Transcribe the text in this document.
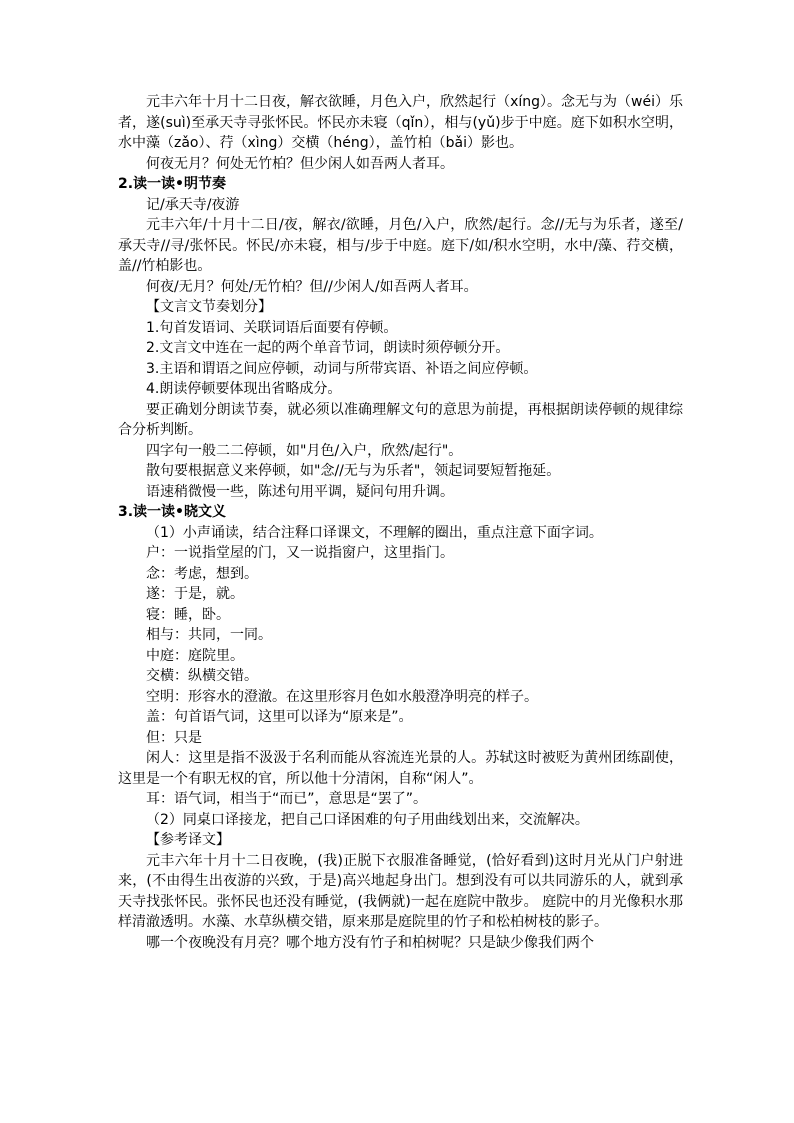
元丰六年十月十二日夜，解衣欲睡，月色入户，欣然起行（xíng）。念无与为（wéi）乐者，遂(suì)至承天寺寻张怀民。怀民亦未寝（qǐn），相与(yǔ)步于中庭。庭下如积水空明，水中藻（zǎo）、荇（xìng）交横（héng），盖竹柏（bǎi）影也。

何夜无月？何处无竹柏？但少闲人如吾两人者耳。

2.读一读•明节奏

记/承天寺/夜游

元丰六年/十月十二日/夜，解衣/欲睡，月色/入户，欣然/起行。念//无与为乐者，遂至/承天寺//寻/张怀民。怀民/亦未寝，相与/步于中庭。庭下/如/积水空明，水中/藻、荇交横，盖//竹柏影也。

何夜/无月？何处/无竹柏？但//少闲人/如吾两人者耳。

【文言文节奏划分】

1.句首发语词、关联词语后面要有停顿。

2.文言文中连在一起的两个单音节词，朗读时须停顿分开。

3.主语和谓语之间应停顿，动词与所带宾语、补语之间应停顿。

4.朗读停顿要体现出省略成分。

要正确划分朗读节奏，就必须以准确理解文句的意思为前提，再根据朗读停顿的规律综合分析判断。

四字句一般二二停顿，如"月色/入户，欣然/起行"。

散句要根据意义来停顿，如"念//无与为乐者"，领起词要短暂拖延。

语速稍微慢一些，陈述句用平调，疑问句用升调。

3.读一读•晓文义

（1）小声诵读，结合注释口译课文，不理解的圈出，重点注意下面字词。

户：一说指堂屋的门，又一说指窗户，这里指门。

念：考虑，想到。

遂：于是，就。

寝：睡，卧。

相与：共同，一同。

中庭：庭院里。

交横：纵横交错。

空明：形容水的澄澈。在这里形容月色如水般澄净明亮的样子。

盖：句首语气词，这里可以译为“原来是”。

但：只是

闲人：这里是指不汲汲于名利而能从容流连光景的人。苏轼这时被贬为黄州团练副使，这里是一个有职无权的官，所以他十分清闲，自称“闲人”。

耳：语气词，相当于“而已”，意思是“罢了”。

（2）同桌口译接龙，把自己口译困难的句子用曲线划出来，交流解决。

【参考译文】

元丰六年十月十二日夜晚，(我)正脱下衣服准备睡觉，(恰好看到)这时月光从门户射进来，(不由得生出夜游的兴致，于是)高兴地起身出门。想到没有可以共同游乐的人，就到承天寺找张怀民。张怀民也还没有睡觉，(我俩就)一起在庭院中散步。 庭院中的月光像积水那样清澈透明。水藻、水草纵横交错，原来那是庭院里的竹子和松柏树枝的影子。

哪一个夜晚没有月亮？哪个地方没有竹子和柏树呢？只是缺少像我们两个
